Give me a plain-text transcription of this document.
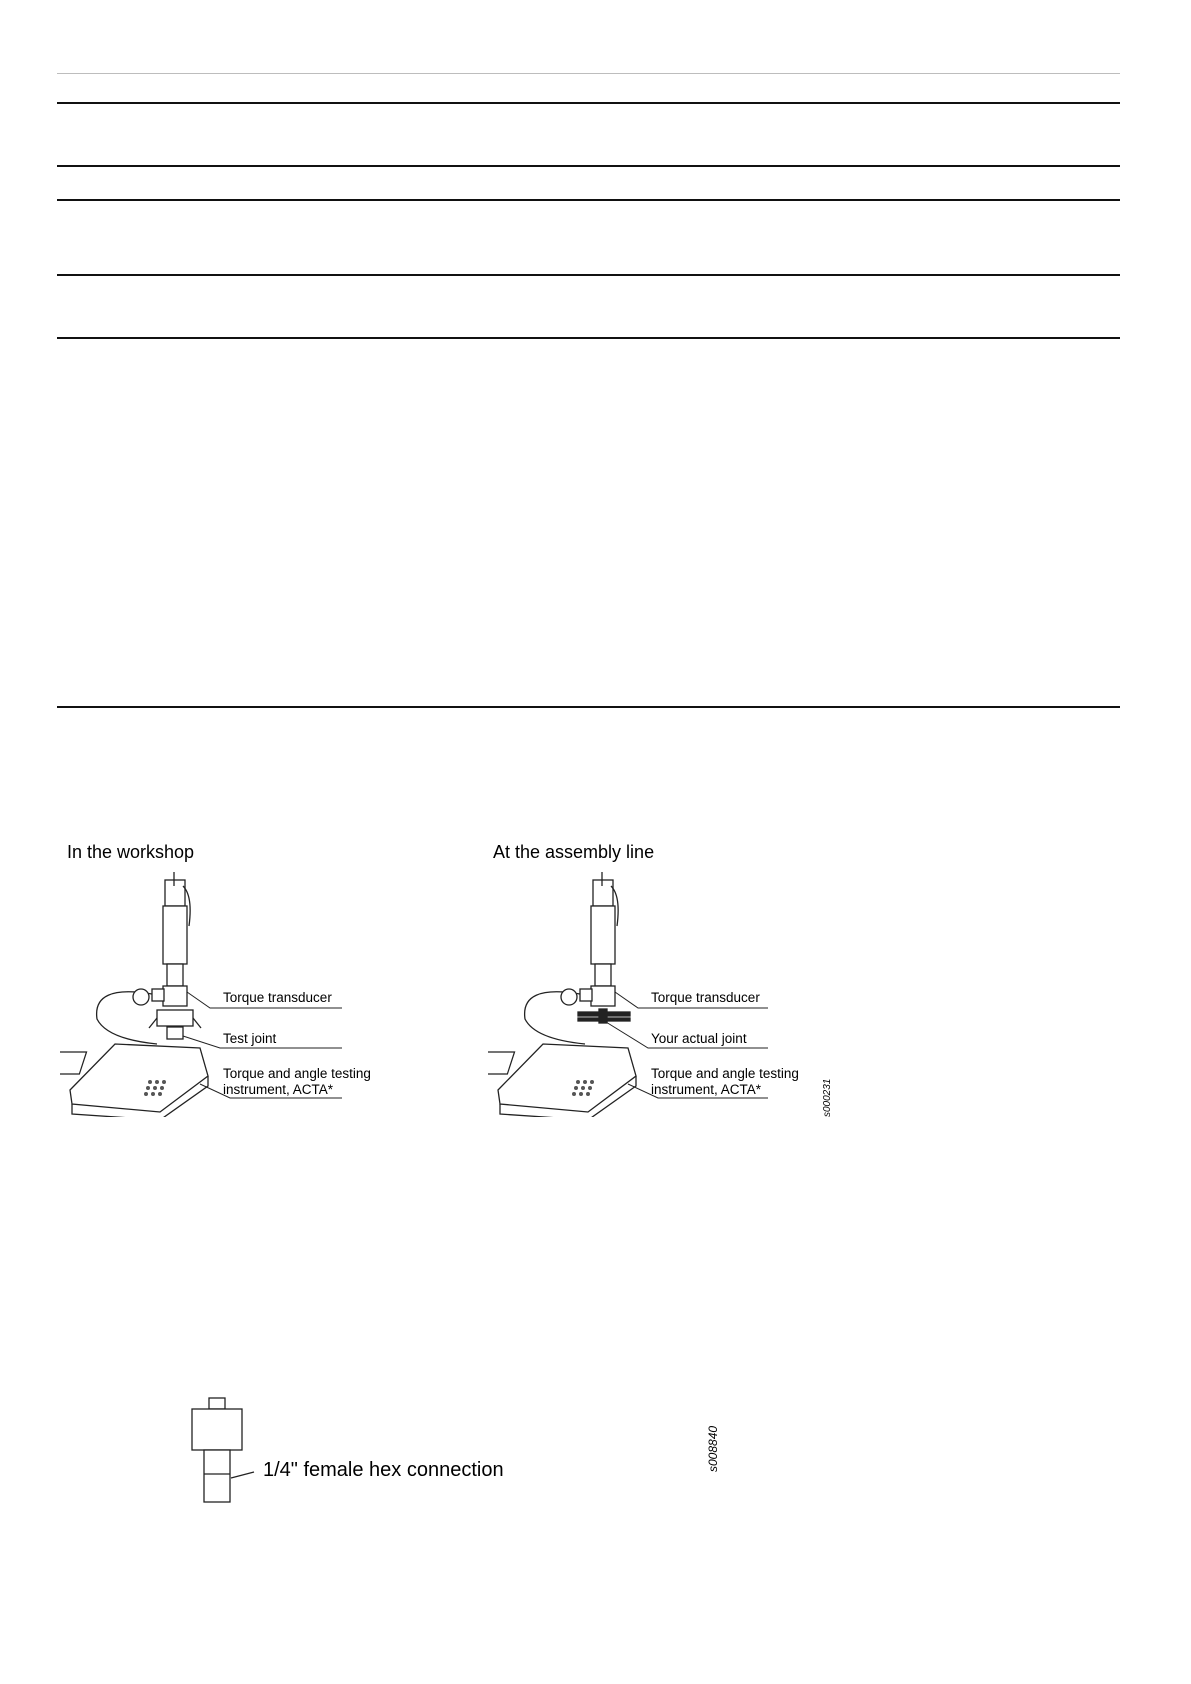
In the workshop	At the assembly line
Torque transducer
Test joint
Torque and angle testing
instrument, ACTA*
Torque transducer
Your actual joint
Torque and angle testing
instrument, ACTA*	s000231
1/4" female hex connection	s008840
